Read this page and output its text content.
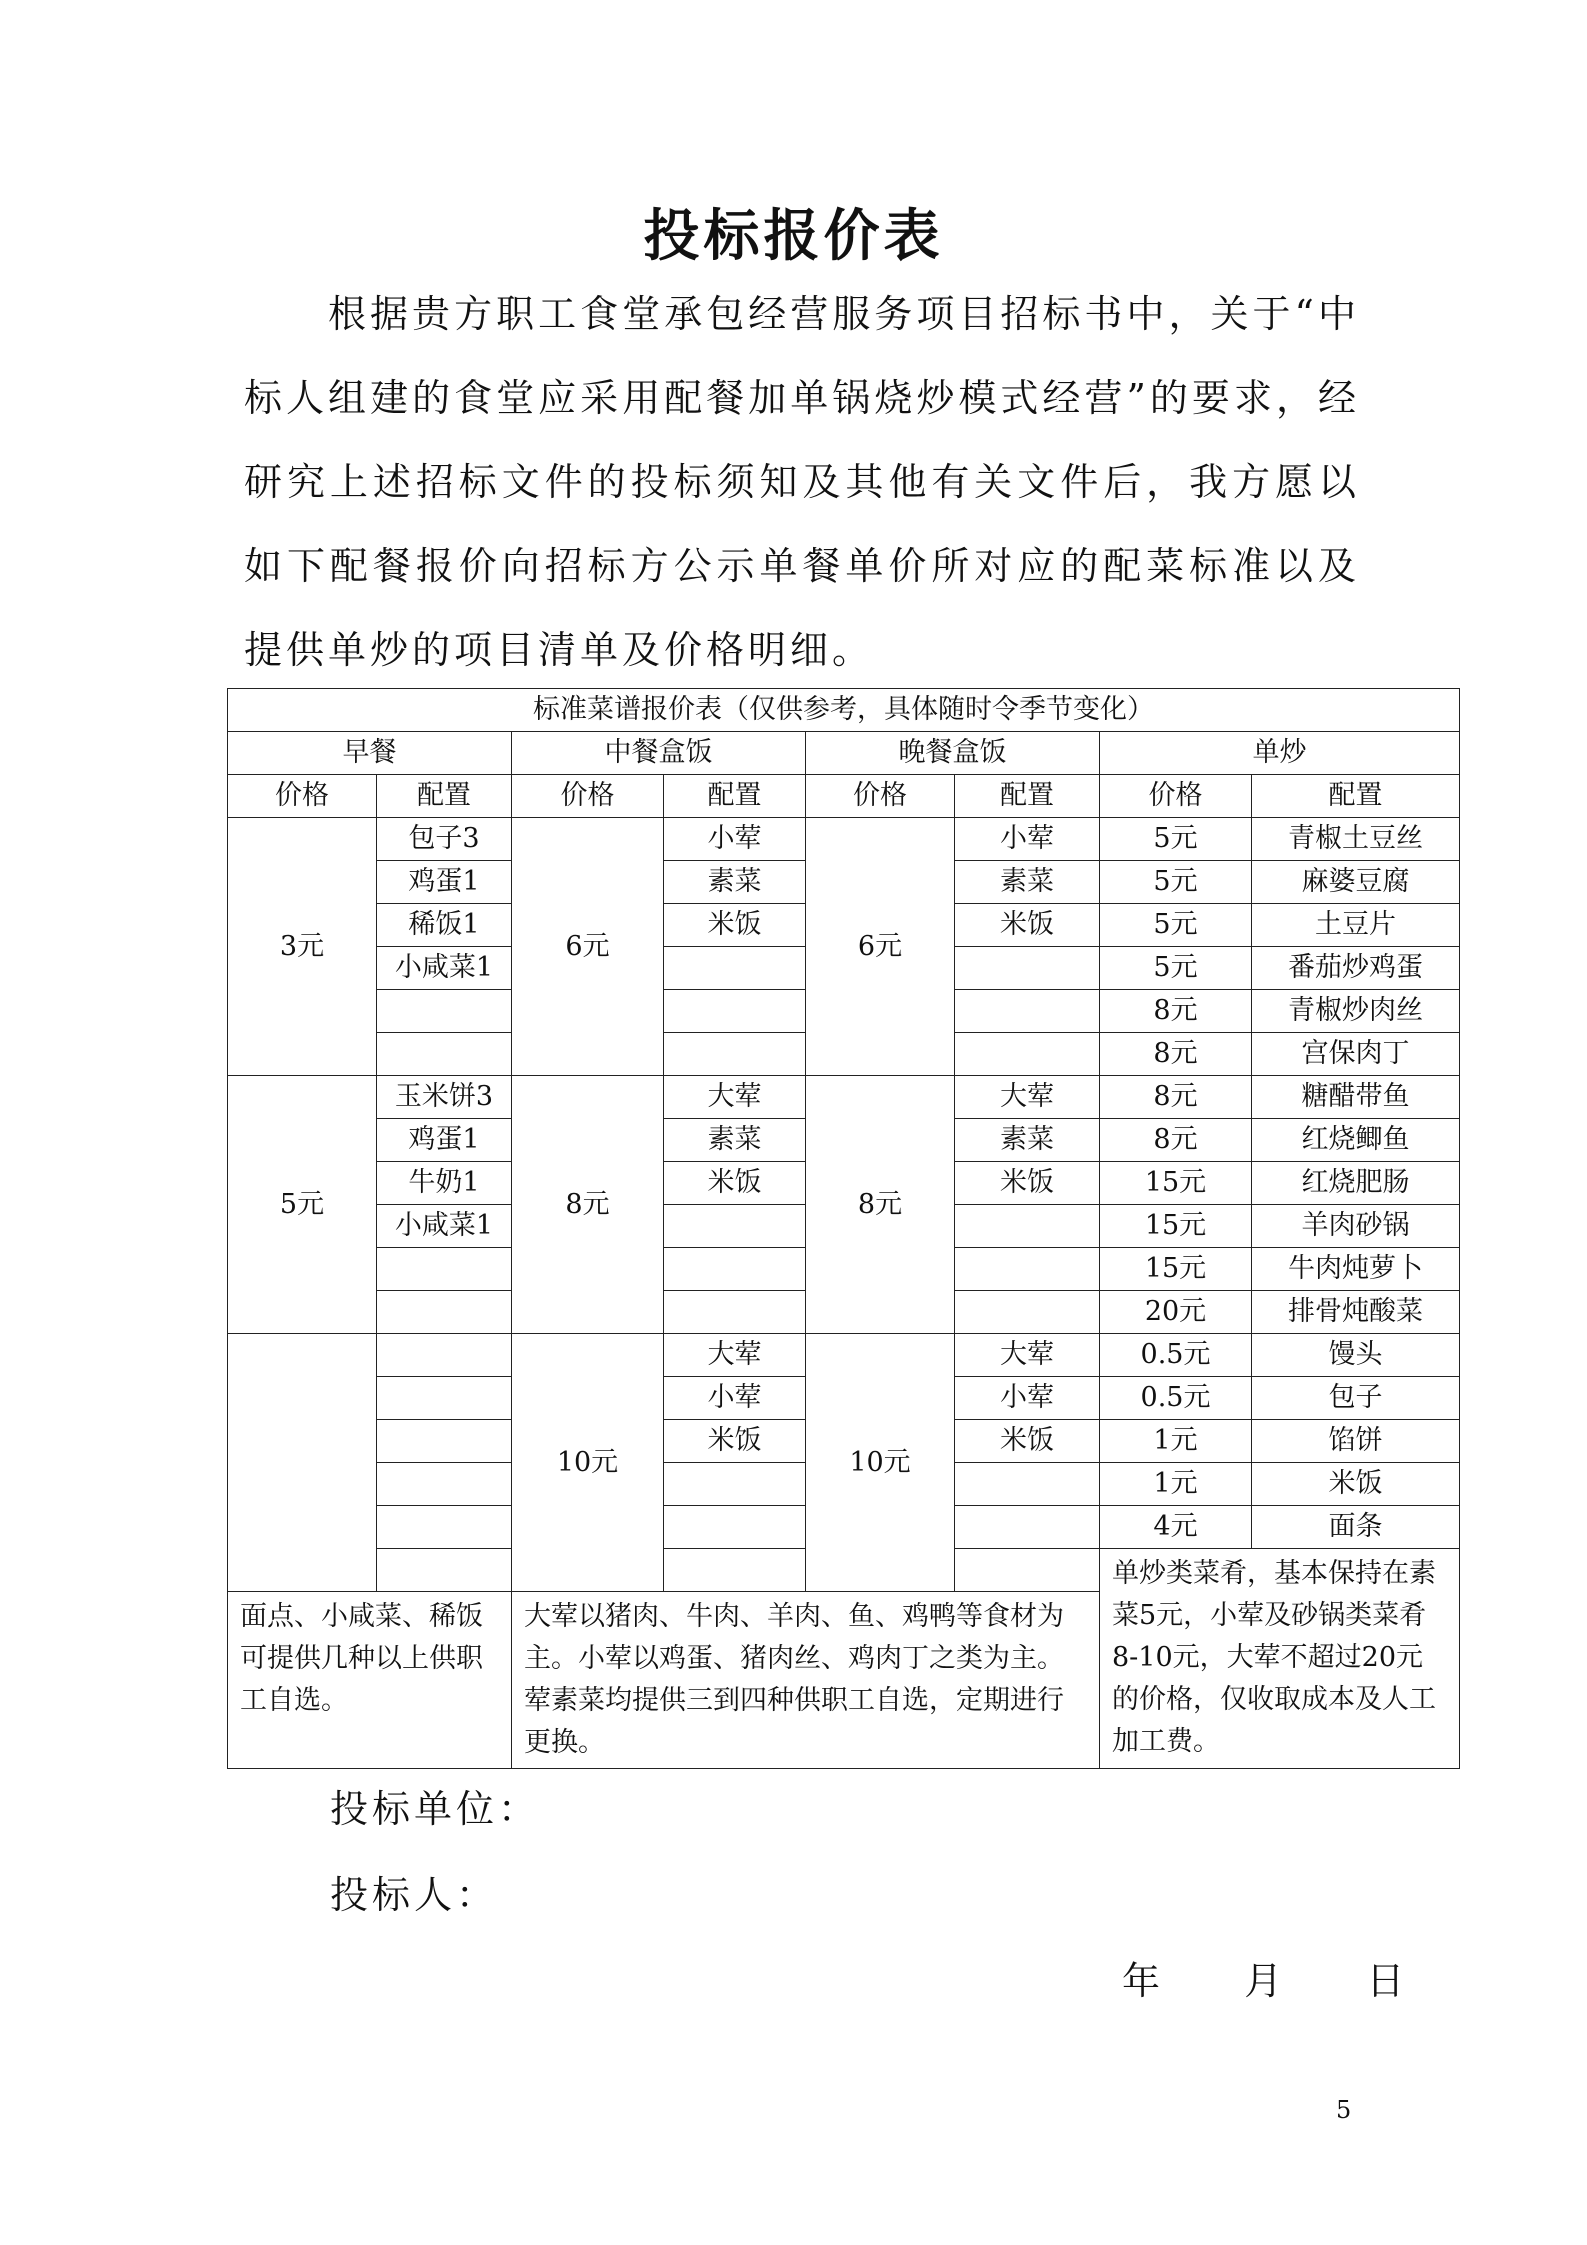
投标报价表
根据贵方职工食堂承包经营服务项目招标书中，关于“中标人组建的食堂应采用配餐加单锅烧炒模式经营”的要求，经研究上述招标文件的投标须知及其他有关文件后，我方愿以如下配餐报价向招标方公示单餐单价所对应的配菜标准以及提供单炒的项目清单及价格明细。
标准菜谱报价表（仅供参考，具体随时令季节变化）							
早餐		中餐盒饭		晚餐盒饭		单炒	
价格	配置	价格	配置	价格	配置	价格	配置
3元	包子3	6元	小荤	6元	小荤	5元	青椒土豆丝
	鸡蛋1		素菜		素菜	5元	麻婆豆腐
	稀饭1		米饭		米饭	5元	土豆片
	小咸菜1					5元	番茄炒鸡蛋
						8元	青椒炒肉丝
						8元	宫保肉丁
5元	玉米饼3	8元	大荤	8元	大荤	8元	糖醋带鱼
	鸡蛋1		素菜		素菜	8元	红烧鲫鱼
	牛奶1		米饭		米饭	15元	红烧肥肠
	小咸菜1					15元	羊肉砂锅
						15元	牛肉炖萝卜
						20元	排骨炖酸菜
		10元	大荤	10元	大荤	0.5元	馒头
			小荤		小荤	0.5元	包子
			米饭		米饭	1元	馅饼
						1元	米饭
						4元	面条
						单炒类菜肴，基本保持在素菜5元，小荤及砂锅类菜肴8-10元，大荤不超过20元的价格，仅收取成本及人工加工费。	
面点、小咸菜、稀饭可提供几种以上供职工自选。		大荤以猪肉、牛肉、羊肉、鱼、鸡鸭等食材为主。小荤以鸡蛋、猪肉丝、鸡肉丁之类为主。荤素菜均提供三到四种供职工自选，定期进行更换。					
投标单位：
投标人：
年 月 日
5
